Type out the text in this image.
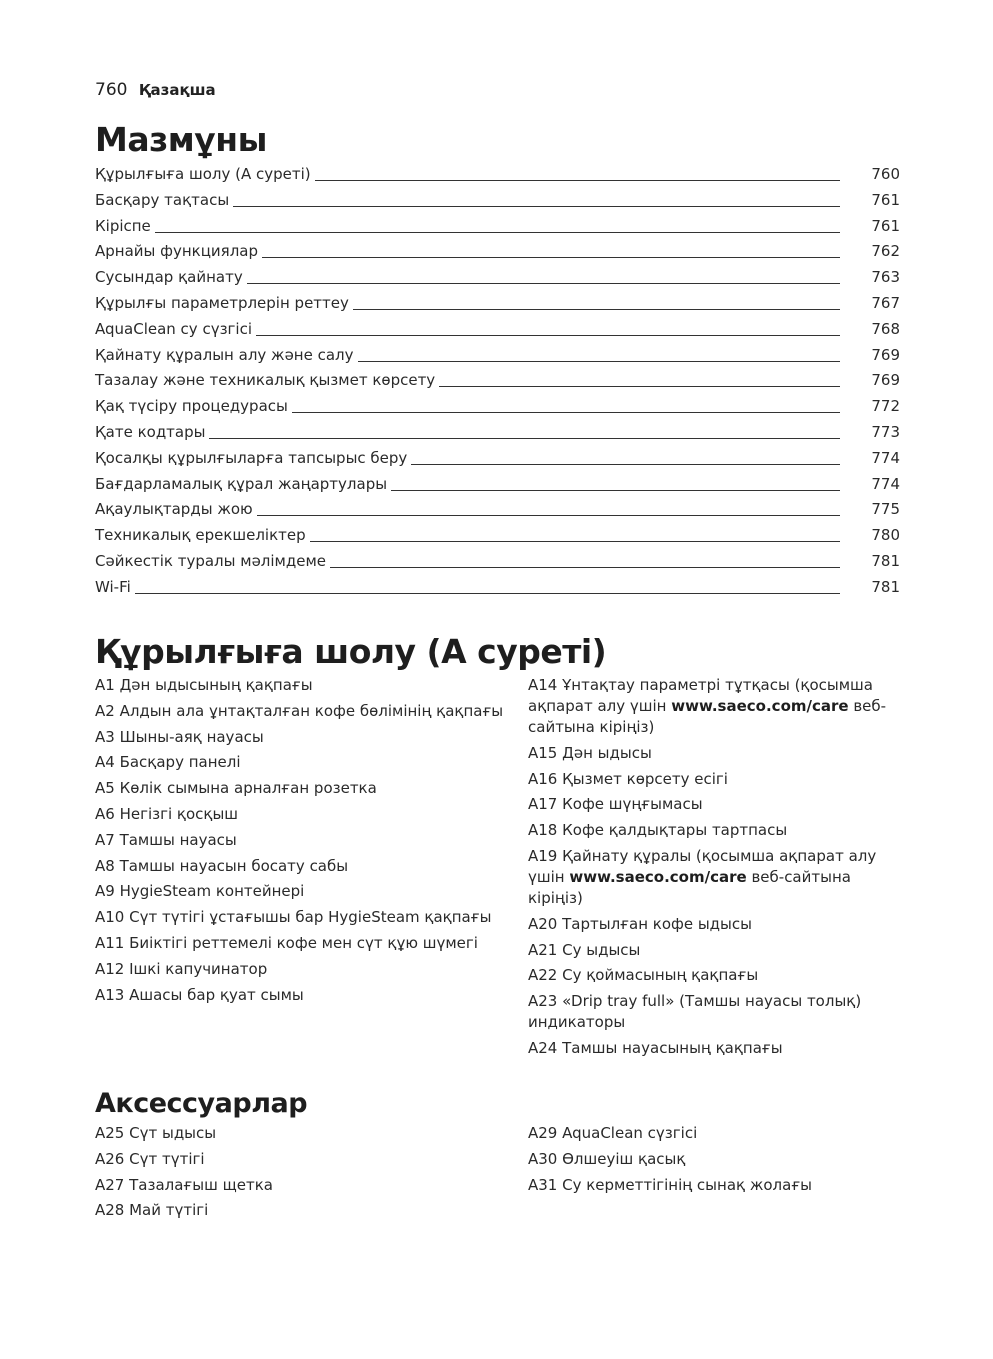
760 Қазақша
Мазмұны
Құрылғыға шолу (A суреті)	760
Басқару тақтасы	761
Кіріспе	761
Арнайы функциялар	762
Сусындар қайнату	763
Құрылғы параметрлерін реттеу	767
AquaClean су сүзгісі	768
Қайнату құралын алу және салу	769
Тазалау және техникалық қызмет көрсету	769
Қақ түсіру процедурасы	772
Қате кодтары	773
Қосалқы құрылғыларға тапсырыс беру	774
Бағдарламалық құрал жаңартулары	774
Ақаулықтарды жою	775
Техникалық ерекшеліктер	780
Сәйкестік туралы мәлімдеме	781
Wi-Fi	781
Құрылғыға шолу (A суреті)
A1 Дән ыдысының қақпағы
A2 Алдын ала ұнтақталған кофе бөлімінің қақпағы
A3 Шыны-аяқ науасы
A4 Басқару панелі
A5 Көлік сымына арналған розетка
A6 Негізгі қосқыш
A7 Тамшы науасы
A8 Тамшы науасын босату сабы
A9 HygieSteam контейнері
A10 Сүт түтігі ұстағышы бар HygieSteam қақпағы
A11 Биіктігі реттемелі кофе мен сүт құю шүмегі
A12 Ішкі капучинатор
A13 Ашасы бар қуат сымы
A14 Ұнтақтау параметрі тұтқасы (қосымша ақпарат алу үшін www.saeco.com/care веб-сайтына кіріңіз)
A15 Дән ыдысы
A16 Қызмет көрсету есігі
A17 Кофе шүңғымасы
A18 Кофе қалдықтары тартпасы
A19 Қайнату құралы (қосымша ақпарат алу үшін www.saeco.com/care веб-сайтына кіріңіз)
A20 Тартылған кофе ыдысы
A21 Су ыдысы
A22 Су қоймасының қақпағы
A23 «Drip tray full» (Тамшы науасы толық) индикаторы
A24 Тамшы науасының қақпағы
Аксессуарлар
A25 Сүт ыдысы
A26 Сүт түтігі
A27 Тазалағыш щетка
A28 Май түтігі
A29 AquaClean сүзгісі
A30 Өлшеуіш қасық
A31 Су керметтігінің сынақ жолағы
